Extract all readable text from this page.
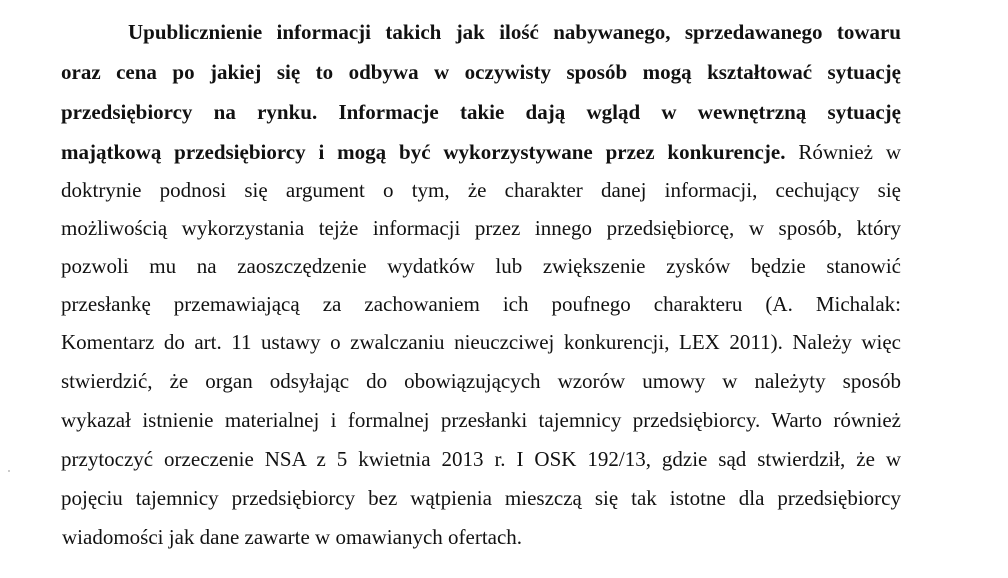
Upublicznienie informacji takich jak ilość nabywanego, sprzedawanego towaru
oraz cena po jakiej się to odbywa w oczywisty sposób mogą kształtować sytuację
przedsiębiorcy na rynku. Informacje takie dają wgląd w wewnętrzną sytuację
majątkową przedsiębiorcy i mogą być wykorzystywane przez konkurencje. Również w
doktrynie podnosi się argument o tym, że charakter danej informacji, cechujący się
możliwością wykorzystania tejże informacji przez innego przedsiębiorcę, w sposób, który
pozwoli mu na zaoszczędzenie wydatków lub zwiększenie zysków będzie stanowić
przesłankę przemawiającą za zachowaniem ich poufnego charakteru (A. Michalak:
Komentarz do art. 11 ustawy o zwalczaniu nieuczciwej konkurencji, LEX 2011). Należy więc
stwierdzić, że organ odsyłając do obowiązujących wzorów umowy w należyty sposób
wykazał istnienie materialnej i formalnej przesłanki tajemnicy przedsiębiorcy. Warto również
przytoczyć orzeczenie NSA z 5 kwietnia 2013 r. I OSK 192/13, gdzie sąd stwierdził, że w
pojęciu tajemnicy przedsiębiorcy bez wątpienia mieszczą się tak istotne dla przedsiębiorcy
wiadomości jak dane zawarte w omawianych ofertach.
